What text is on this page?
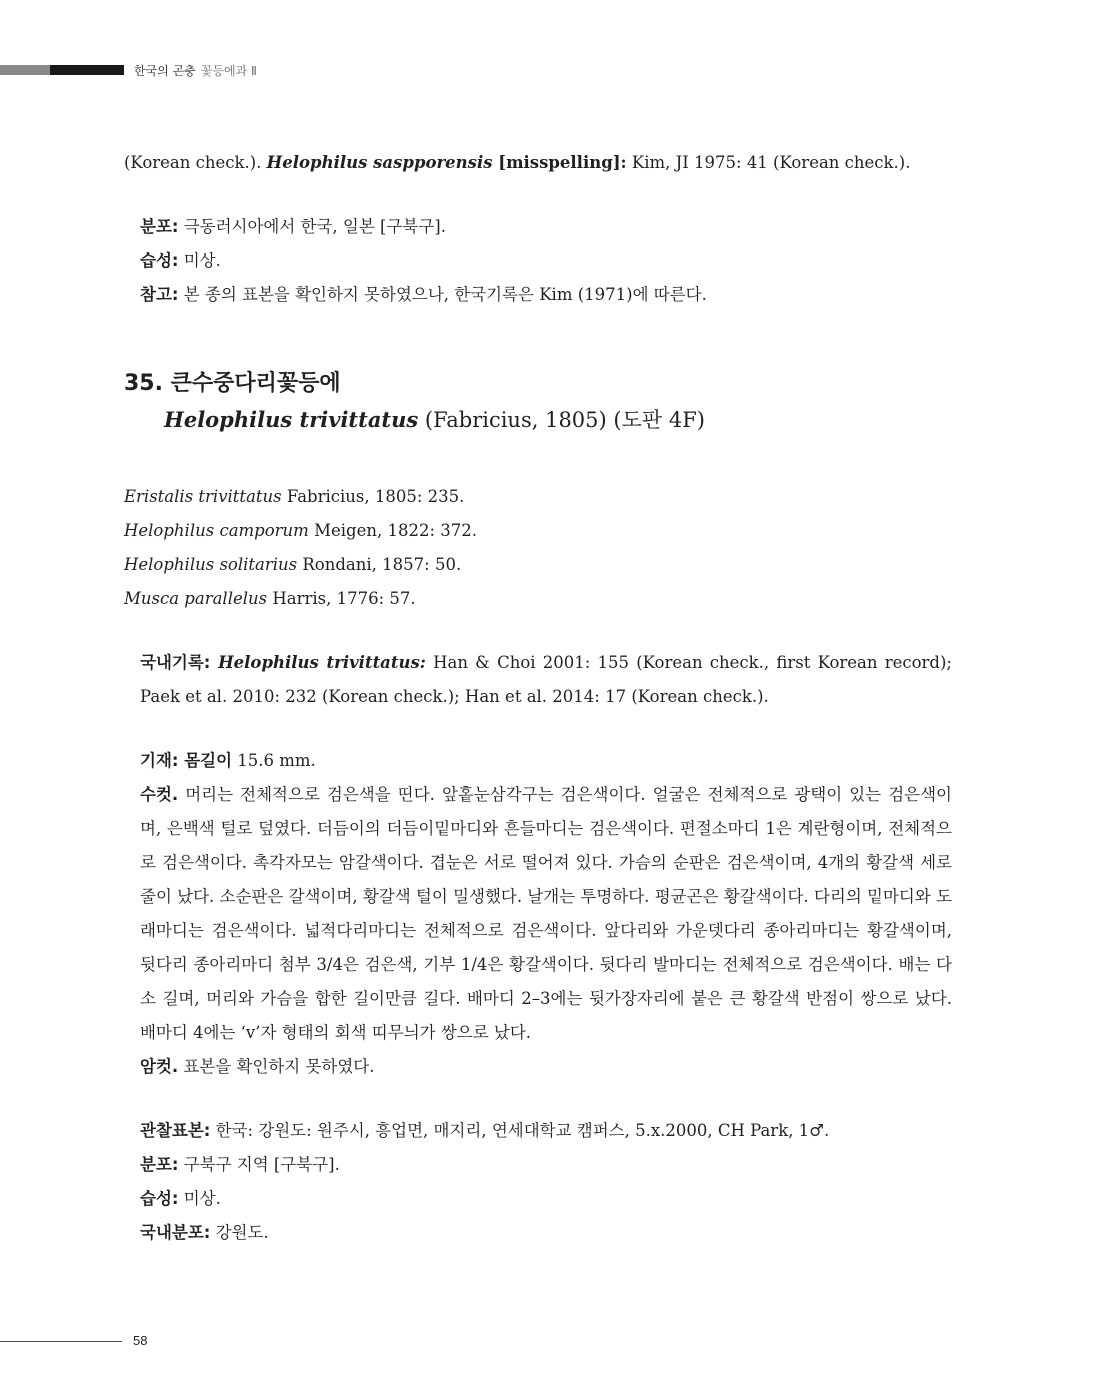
한국의 곤충 꽃등에과 Ⅱ

(Korean check.). Helophilus saspporensis [misspelling]: Kim, JI 1975: 41 (Korean check.).

분포: 극동러시아에서 한국, 일본 [구북구].

습성: 미상.

참고: 본 종의 표본을 확인하지 못하였으나, 한국기록은 Kim (1971)에 따른다.

35. 큰수중다리꽃등에

Helophilus trivittatus (Fabricius, 1805) (도판 4F)

Eristalis trivittatus Fabricius, 1805: 235.

Helophilus camporum Meigen, 1822: 372.

Helophilus solitarius Rondani, 1857: 50.

Musca parallelus Harris, 1776: 57.

국내기록: Helophilus trivittatus: Han & Choi 2001: 155 (Korean check., first Korean record); Paek et al. 2010: 232 (Korean check.); Han et al. 2014: 17 (Korean check.).

기재: 몸길이 15.6 mm.

수컷. 머리는 전체적으로 검은색을 띤다. 앞홑눈삼각구는 검은색이다. 얼굴은 전체적으로 광택이 있는 검은색이며, 은백색 털로 덮였다. 더듬이의 더듬이밑마디와 흔들마디는 검은색이다. 편절소마디 1은 계란형이며, 전체적으로 검은색이다. 촉각자모는 암갈색이다. 겹눈은 서로 떨어져 있다. 가슴의 순판은 검은색이며, 4개의 황갈색 세로줄이 났다. 소순판은 갈색이며, 황갈색 털이 밀생했다. 날개는 투명하다. 평균곤은 황갈색이다. 다리의 밑마디와 도래마디는 검은색이다. 넓적다리마디는 전체적으로 검은색이다. 앞다리와 가운뎃다리 종아리마디는 황갈색이며, 뒷다리 종아리마디 첨부 3/4은 검은색, 기부 1/4은 황갈색이다. 뒷다리 발마디는 전체적으로 검은색이다. 배는 다소 길며, 머리와 가슴을 합한 길이만큼 길다. 배마디 2–3에는 뒷가장자리에 붙은 큰 황갈색 반점이 쌍으로 났다. 배마디 4에는 ‘v’자 형태의 회색 띠무늬가 쌍으로 났다.

암컷. 표본을 확인하지 못하였다.

관찰표본: 한국: 강원도: 원주시, 흥업면, 매지리, 연세대학교 캠퍼스, 5.x.2000, CH Park, 1♂.

분포: 구북구 지역 [구북구].

습성: 미상.

국내분포: 강원도.

58
